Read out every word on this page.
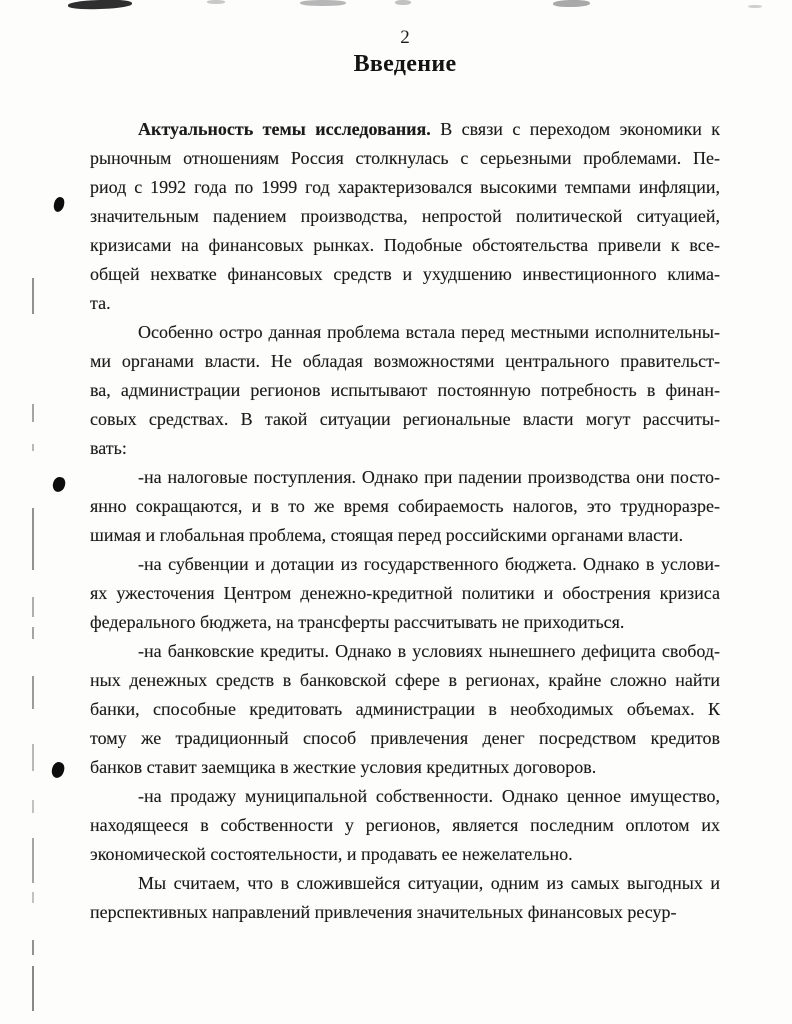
2
Введение
Актуальность темы исследования. В связи с переходом экономики к
рыночным отношениям Россия столкнулась с серьезными проблемами. Пе-
риод с 1992 года по 1999 год характеризовался высокими темпами инфляции,
значительным падением производства, непростой политической ситуацией,
кризисами на финансовых рынках. Подобные обстоятельства привели к все-
общей нехватке финансовых средств и ухудшению инвестиционного клима-
та.
Особенно остро данная проблема встала перед местными исполнительны-
ми органами власти. Не обладая возможностями центрального правительст-
ва, администрации регионов испытывают постоянную потребность в финан-
совых средствах. В такой ситуации региональные власти могут рассчиты-
вать:
-на налоговые поступления. Однако при падении производства они посто-
янно сокращаются, и в то же время собираемость налогов, это трудноразре-
шимая и глобальная проблема, стоящая перед российскими органами власти.
-на субвенции и дотации из государственного бюджета. Однако в услови-
ях ужесточения Центром денежно-кредитной политики и обострения кризиса
федерального бюджета, на трансферты рассчитывать не приходиться.
-на банковские кредиты. Однако в условиях нынешнего дефицита свобод-
ных денежных средств в банковской сфере в регионах, крайне сложно найти
банки, способные кредитовать администрации в необходимых объемах. К
тому же традиционный способ привлечения денег посредством кредитов
банков ставит заемщика в жесткие условия кредитных договоров.
-на продажу муниципальной собственности. Однако ценное имущество,
находящееся в собственности у регионов, является последним оплотом их
экономической состоятельности, и продавать ее нежелательно.
Мы считаем, что в сложившейся ситуации, одним из самых выгодных и
перспективных направлений привлечения значительных финансовых ресур-
